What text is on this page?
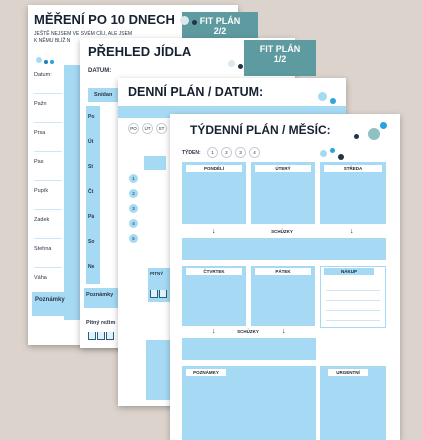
MĚŘENÍ PO 10 DNECH
JEŠTĚ NEJSEM VE SVÉM CÍLI, ALE JSEM
K NĚMU BLÍŽ N
Datum:
Pažn
Prsa
Pas
Pupík
Zadek
Stehna
Váha
Poznámky
FIT PLÁN
2/2
PŘEHLED JÍDLA
DATUM:
Snídan
Po
Út
St
Čt
Pá
So
Ne
Poznámky
Pitný režim
FIT PLÁN
1/2
DENNÍ PLÁN / DATUM:
PO	ÚT	ST
1
2
3
4
5
PITNÝ
TÝDENNÍ PLÁN / MĚSÍC:
TÝDEN:	1	2	3	4
PONDĚLÍ	ÚTERÝ	STŘEDA
↓	↓
SCHŮZKY
ČTVRTEK	PÁTEK	NÁKUP
↓	↓
SCHŮZKY
POZNÁMKY	URGENTNÍ
